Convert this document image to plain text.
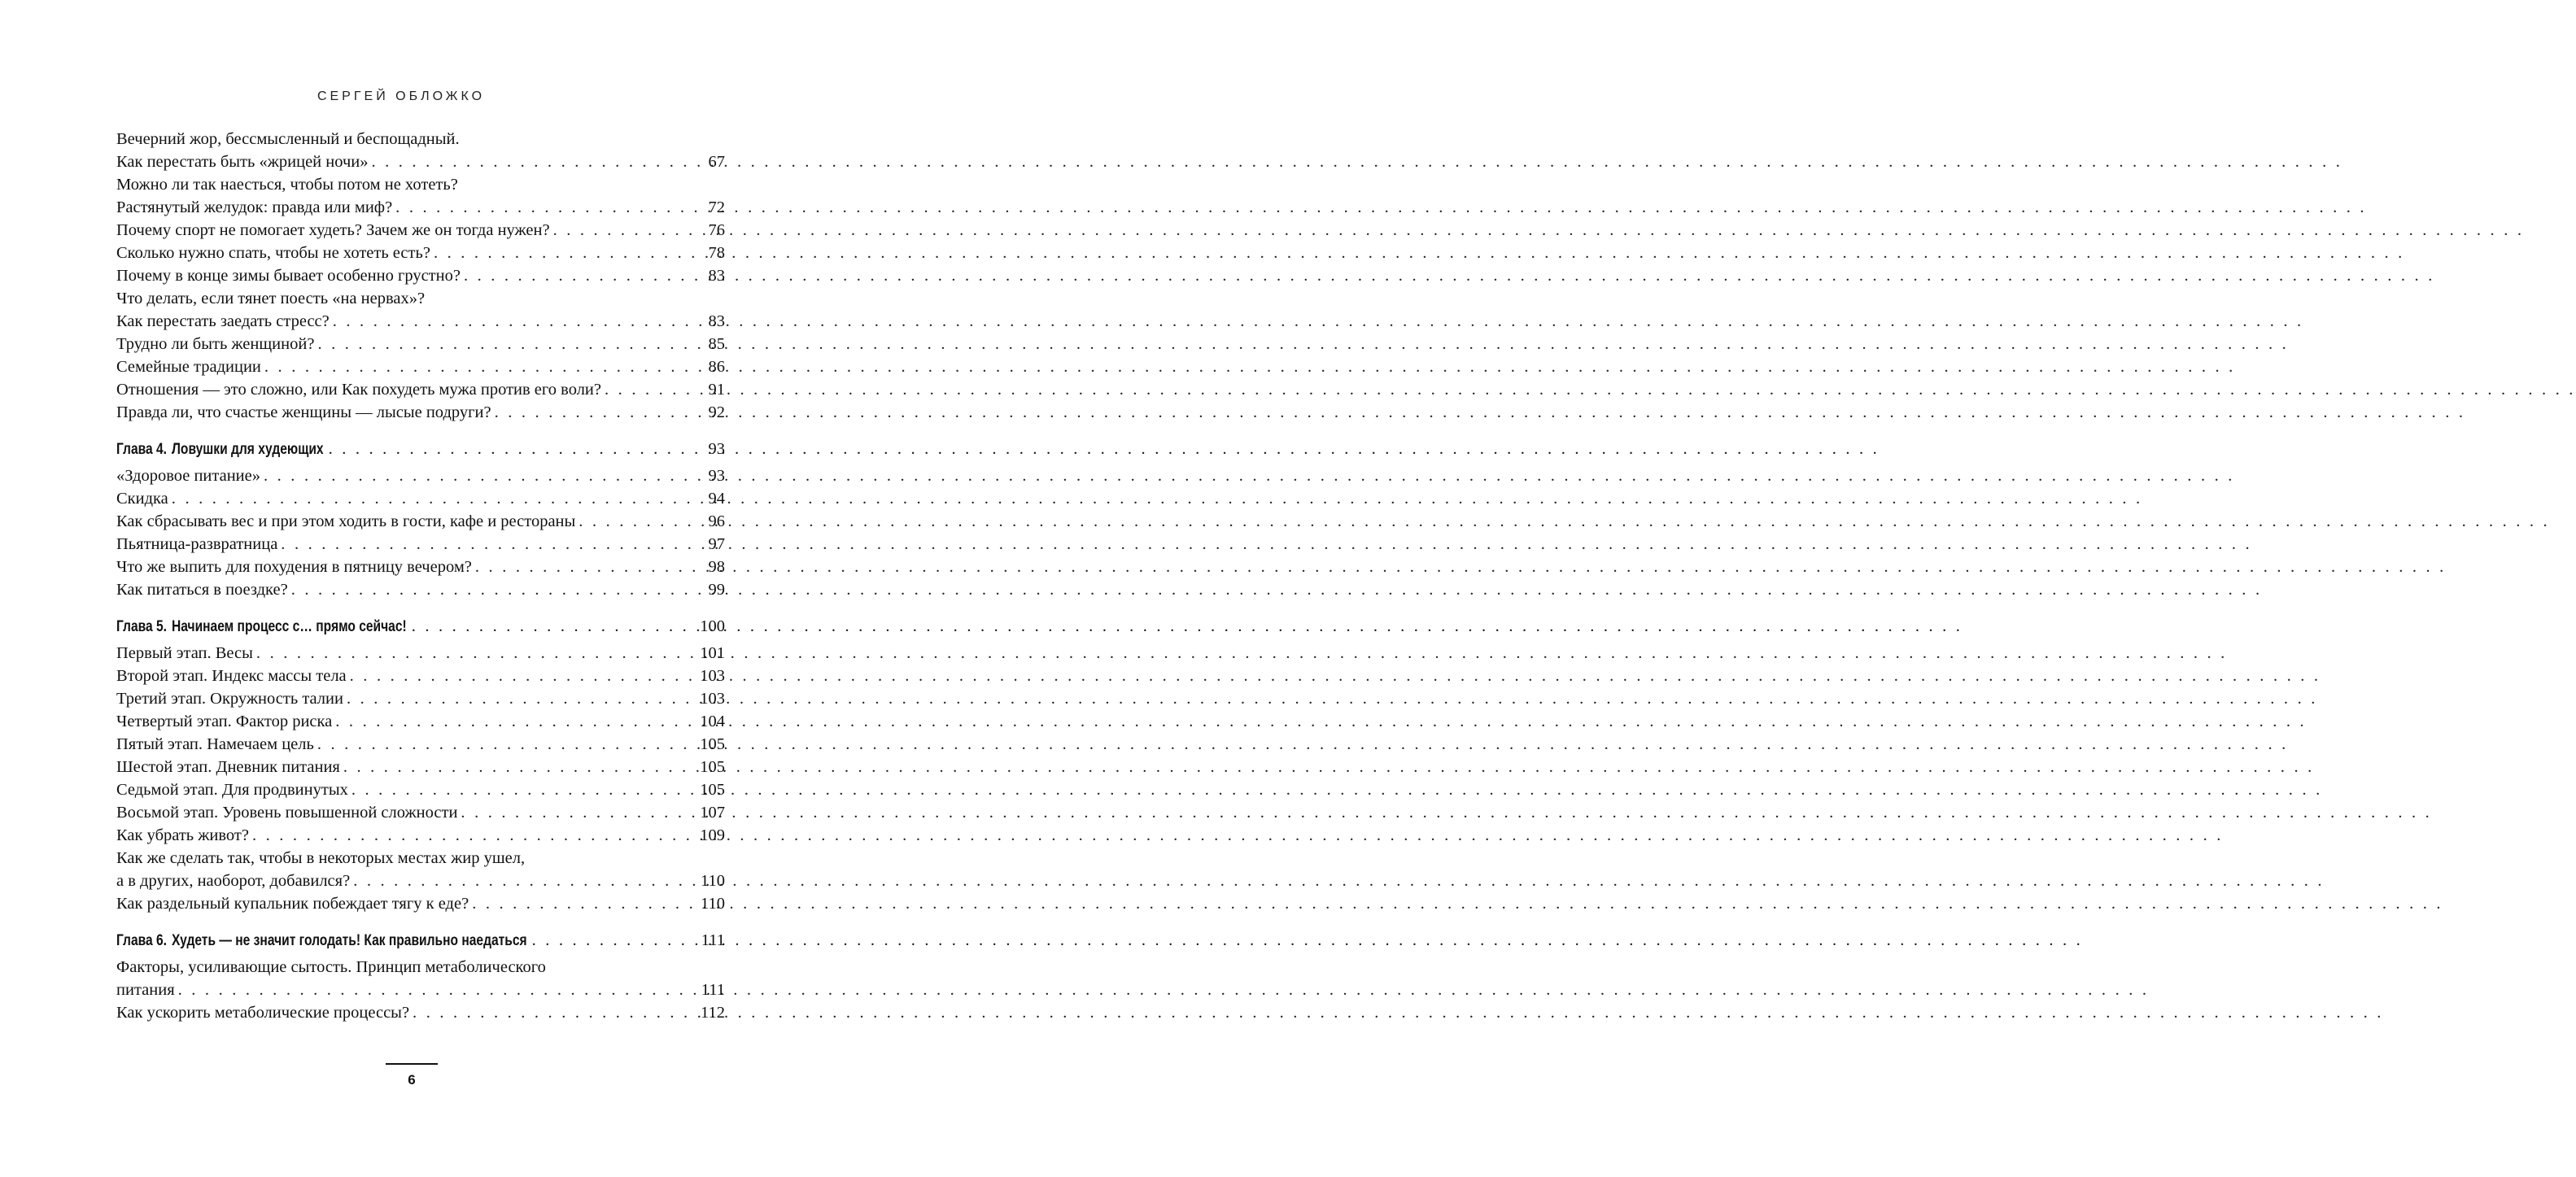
СЕРГЕЙ ОБЛОЖКО
Вечерний жор, бессмысленный и беспощадный.
Как перестать быть «жрицей ночи» . . .	67
Можно ли так наесться, чтобы потом не хотеть?
Растянутый желудок: правда или миф? . . .	72
Почему спорт не помогает худеть? Зачем же он тогда нужен? . . .	76
Сколько нужно спать, чтобы не хотеть есть? . . .	78
Почему в конце зимы бывает особенно грустно? . . .	83
Что делать, если тянет поесть «на нервах»?
Как перестать заедать стресс? . . .	83
Трудно ли быть женщиной? . . .	85
Семейные традиции . . .	86
Отношения — это сложно, или Как похудеть мужа против его воли? . . .	91
Правда ли, что счастье женщины — лысые подруги? . . .	92
Глава 4. Ловушки для худеющих . . .	93
«Здоровое питание» . . .	93
Скидка . . .	94
Как сбрасывать вес и при этом ходить в гости, кафе и рестораны . . .	96
Пьятница-развратница . . .	97
Что же выпить для похудения в пятницу вечером? . . .	98
Как питаться в поездке? . . .	99
Глава 5. Начинаем процесс с… прямо сейчас! . . .	100
Первый этап. Весы . . .	101
Второй этап. Индекс массы тела . . .	103
Третий этап. Окружность талии . . .	103
Четвертый этап. Фактор риска . . .	104
Пятый этап. Намечаем цель . . .	105
Шестой этап. Дневник питания . . .	105
Седьмой этап. Для продвинутых . . .	105
Восьмой этап. Уровень повышенной сложности . . .	107
Как убрать живот? . . .	109
Как же сделать так, чтобы в некоторых местах жир ушел,
а в других, наоборот, добавился? . . .	110
Как раздельный купальник побеждает тягу к еде? . . .	110
Глава 6. Худеть — не значит голодать! Как правильно наедаться . . .	111
Факторы, усиливающие сытость. Принцип метаболического
питания . . .	111
Как ускорить метаболические процессы? . . .	112
6
